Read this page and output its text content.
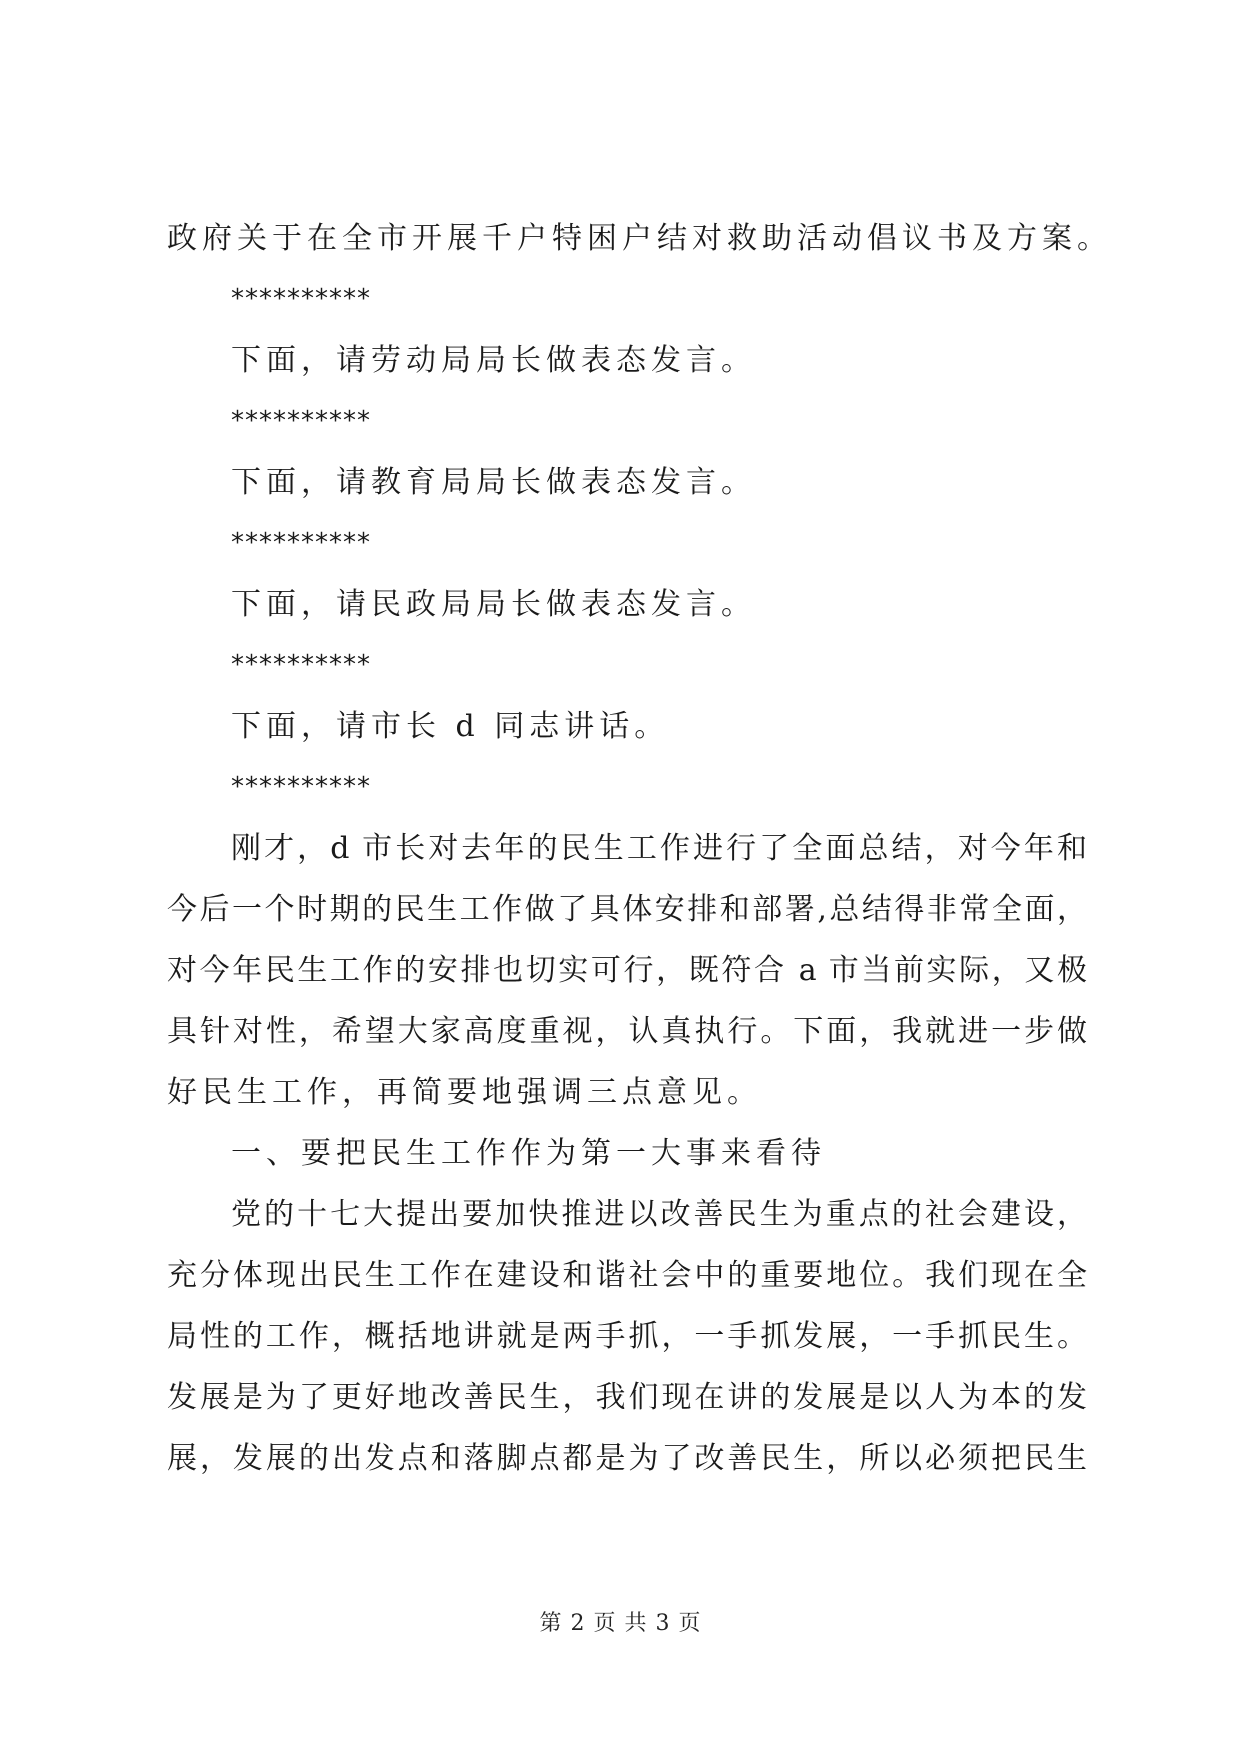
政府关于在全市开展千户特困户结对救助活动倡议书及方案。
**********
下面，请劳动局局长做表态发言。
**********
下面，请教育局局长做表态发言。
**********
下面，请民政局局长做表态发言。
**********
下面，请市长 d 同志讲话。
**********
刚才，d 市长对去年的民生工作进行了全面总结，对今年和
今后一个时期的民生工作做了具体安排和部署,总结得非常全面，
对今年民生工作的安排也切实可行，既符合 a 市当前实际，又极
具针对性，希望大家高度重视，认真执行。下面，我就进一步做
好民生工作，再简要地强调三点意见。
一、要把民生工作作为第一大事来看待
党的十七大提出要加快推进以改善民生为重点的社会建设，
充分体现出民生工作在建设和谐社会中的重要地位。我们现在全
局性的工作，概括地讲就是两手抓，一手抓发展，一手抓民生。
发展是为了更好地改善民生，我们现在讲的发展是以人为本的发
展，发展的出发点和落脚点都是为了改善民生，所以必须把民生
第 2 页 共 3 页
